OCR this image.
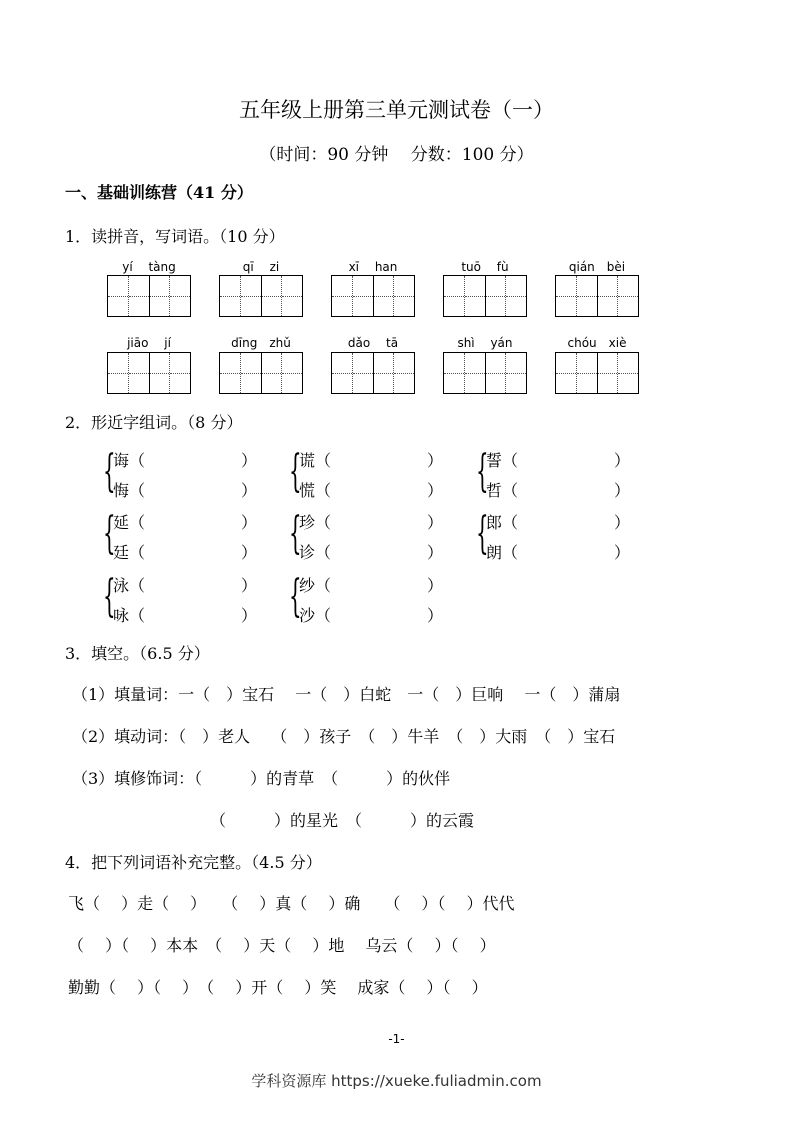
五年级上册第三单元测试卷（一）
（时间：90 分钟　 分数：100 分）
一、基础训练营（41 分）
1．读拼音，写词语。（10 分）
yí　 tàng	qī　 zi	xī　 han	tuō　 fù	qián　bèi
jiāo　 jí	dīng　zhǔ	dǎo　 tā	shì　 yán	chóu　xiè
2．形近字组词。（8 分）
{
诲（　　　　　　）
悔（　　　　　　） {
谎（　　　　　　）
慌（　　　　　　） {
誓（　　　　　　）
哲（　　　　　　）
{
延（　　　　　　）
廷（　　　　　　） {
珍（　　　　　　）
诊（　　　　　　） {
郎（　　　　　　）
朗（　　　　　　）
{
泳（　　　　　　）
咏（　　　　　　） {
纱（　　　　　　）
沙（　　　　　　）
3．填空。（6.5 分）
（1）填量词：一（　）宝石　 一（　）白蛇　一（　）巨响　 一（　）蒲扇
（2）填动词：（　）老人　 （　）孩子　（　）牛羊　（　）大雨　（　）宝石
（3）填修饰词：（　　　）的青草　（　　　）的伙伴
（　　　）的星光　（　　　）的云霞
4．把下列词语补充完整。（4.5 分）
飞（　 ）走（　 ）　　（　 ）真（　 ）确　　（　 ）（　 ）代代
（　 ）（　 ）本本　（　 ）天（　 ）地　 乌云（　 ）（　 ）
勤勤（　 ）（　 ）　（　 ）开（　 ）笑　 成家（　 ）（　 ）
-1-
学科资源库 https://xueke.fuliadmin.com
